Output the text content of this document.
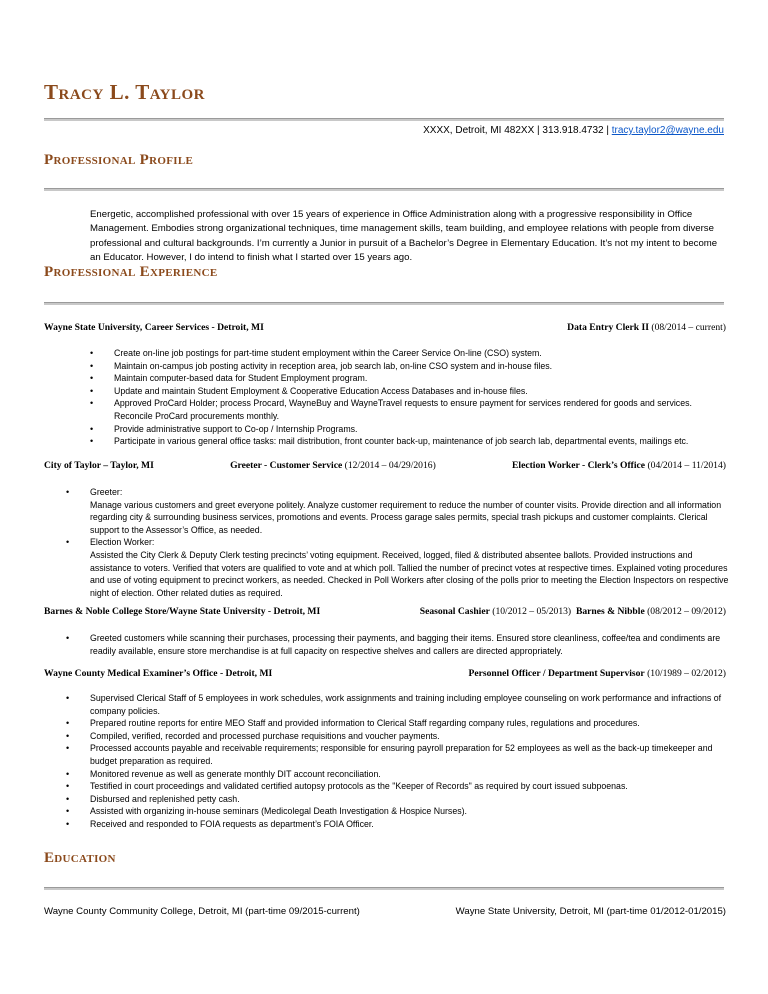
Tracy L. Taylor
XXXX, Detroit, MI 482XX | 313.918.4732 | tracy.taylor2@wayne.edu
Professional Profile
Energetic, accomplished professional with over 15 years of experience in Office Administration along with a progressive responsibility in Office Management. Embodies strong organizational techniques, time management skills, team building, and employee relations with people from diverse professional and cultural backgrounds. I’m currently a Junior in pursuit of a Bachelor’s Degree in Elementary Education. It’s not my intent to become an Educator. However, I do intend to finish what I started over 15 years ago.
Professional Experience
Wayne State University, Career Services - Detroit, MI	Data Entry Clerk II (08/2014 – current)
• Create on-line job postings for part-time student employment within the Career Service On-line (CSO) system.
• Maintain on-campus job posting activity in reception area, job search lab, on-line CSO system and in-house files.
• Maintain computer-based data for Student Employment program.
• Update and maintain Student Employment & Cooperative Education Access Databases and in-house files.
• Approved ProCard Holder; process Procard, WayneBuy and WayneTravel requests to ensure payment for services rendered for goods and services. Reconcile ProCard procurements monthly.
• Provide administrative support to Co-op / Internship Programs.
• Participate in various general office tasks: mail distribution, front counter back-up, maintenance of job search lab, departmental events, mailings etc.
City of Taylor – Taylor, MI	Greeter - Customer Service (12/2014 – 04/29/2016)	Election Worker - Clerk’s Office (04/2014 – 11/2014)
• Greeter:
Manage various customers and greet everyone politely. Analyze customer requirement to reduce the number of counter visits. Provide direction and all information regarding city & surrounding business services, promotions and events. Process garage sales permits, special trash pickups and customer complaints. Clerical support to the Assessor’s Office, as needed.
• Election Worker:
Assisted the City Clerk & Deputy Clerk testing precincts’ voting equipment. Received, logged, filed & distributed absentee ballots. Provided instructions and assistance to voters. Verified that voters are qualified to vote and at which poll. Tallied the number of precinct votes at respective times. Explained voting procedures and use of voting equipment to precinct workers, as needed. Checked in Poll Workers after closing of the polls prior to meeting the Election Inspectors on respective night of election. Other related duties as required.
Barnes & Noble College Store/Wayne State University - Detroit, MI	Seasonal Cashier (10/2012 – 05/2013) Barnes & Nibble (08/2012 – 09/2012)
• Greeted customers while scanning their purchases, processing their payments, and bagging their items. Ensured store cleanliness, coffee/tea and condiments are readily available, ensure store merchandise is at full capacity on respective shelves and callers are directed appropriately.
Wayne County Medical Examiner’s Office - Detroit, MI	Personnel Officer / Department Supervisor (10/1989 – 02/2012)
• Supervised Clerical Staff of 5 employees in work schedules, work assignments and training including employee counseling on work performance and infractions of company policies.
• Prepared routine reports for entire MEO Staff and provided information to Clerical Staff regarding company rules, regulations and procedures.
• Compiled, verified, recorded and processed purchase requisitions and voucher payments.
• Processed accounts payable and receivable requirements; responsible for ensuring payroll preparation for 52 employees as well as the back-up timekeeper and budget preparation as required.
• Monitored revenue as well as generate monthly DIT account reconciliation.
• Testified in court proceedings and validated certified autopsy protocols as the "Keeper of Records" as required by court issued subpoenas.
• Disbursed and replenished petty cash.
• Assisted with organizing in-house seminars (Medicolegal Death Investigation & Hospice Nurses).
• Received and responded to FOIA requests as department’s FOIA Officer.
Education
Wayne County Community College, Detroit, MI (part-time 09/2015-current)	Wayne State University, Detroit, MI (part-time 01/2012-01/2015)
